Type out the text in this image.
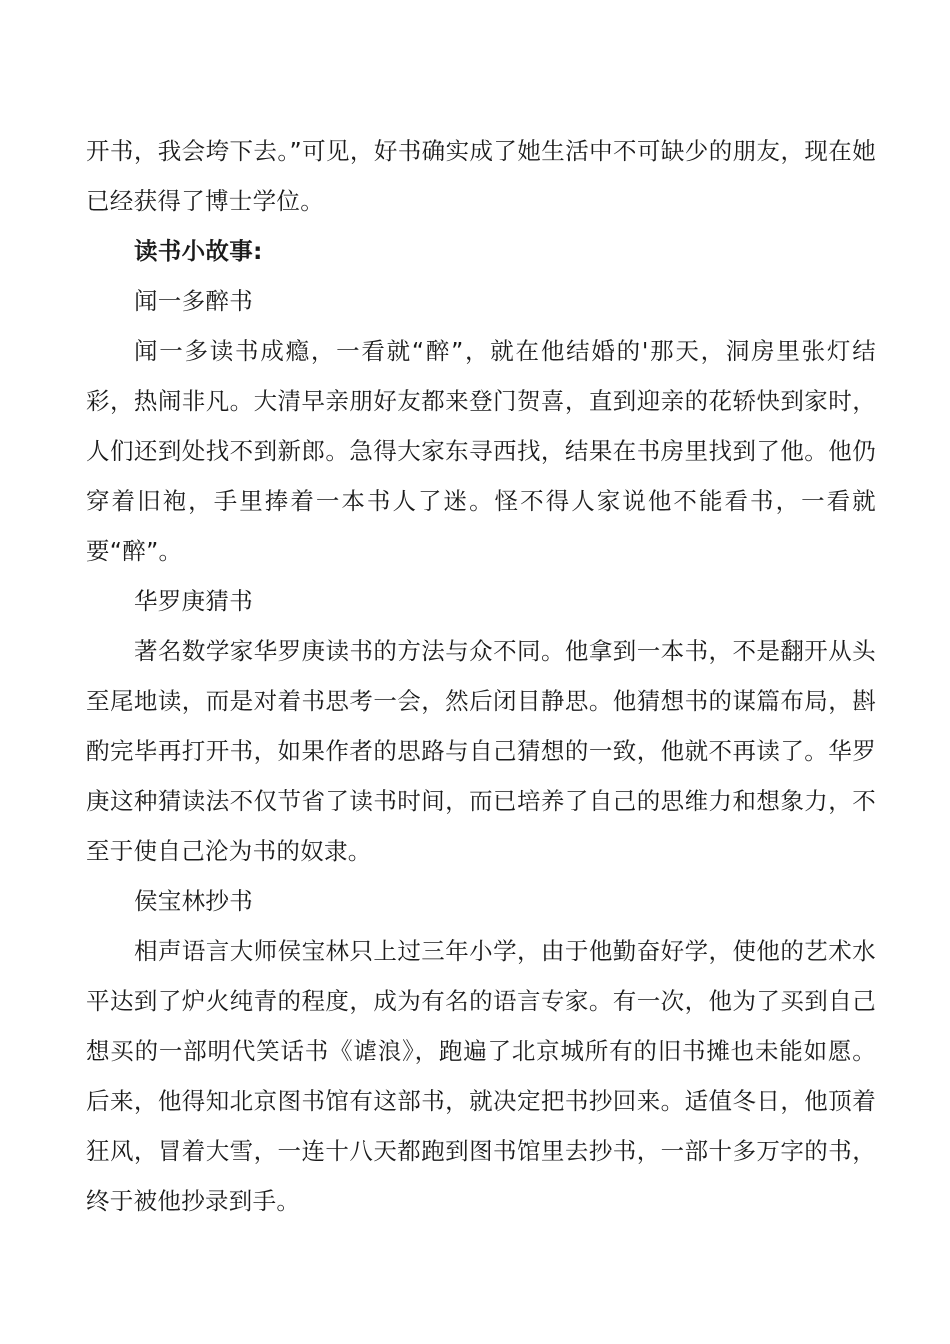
开书，我会垮下去。”可见，好书确实成了她生活中不可缺少的朋友，现在她已经获得了博士学位。

读书小故事:

闻一多醉书

闻一多读书成瘾，一看就“醉”，就在他结婚的'那天，洞房里张灯结彩，热闹非凡。大清早亲朋好友都来登门贺喜，直到迎亲的花轿快到家时，人们还到处找不到新郎。急得大家东寻西找，结果在书房里找到了他。他仍穿着旧袍，手里捧着一本书人了迷。怪不得人家说他不能看书，一看就要“醉”。

华罗庚猜书

著名数学家华罗庚读书的方法与众不同。他拿到一本书，不是翻开从头至尾地读，而是对着书思考一会，然后闭目静思。他猜想书的谋篇布局，斟酌完毕再打开书，如果作者的思路与自己猜想的一致，他就不再读了。华罗庚这种猜读法不仅节省了读书时间，而已培养了自己的思维力和想象力，不至于使自己沦为书的奴隶。

侯宝林抄书

相声语言大师侯宝林只上过三年小学，由于他勤奋好学，使他的艺术水平达到了炉火纯青的程度，成为有名的语言专家。有一次，他为了买到自己想买的一部明代笑话书《谑浪》，跑遍了北京城所有的旧书摊也未能如愿。后来，他得知北京图书馆有这部书，就决定把书抄回来。适值冬日，他顶着狂风，冒着大雪，一连十八天都跑到图书馆里去抄书，一部十多万字的书，终于被他抄录到手。
